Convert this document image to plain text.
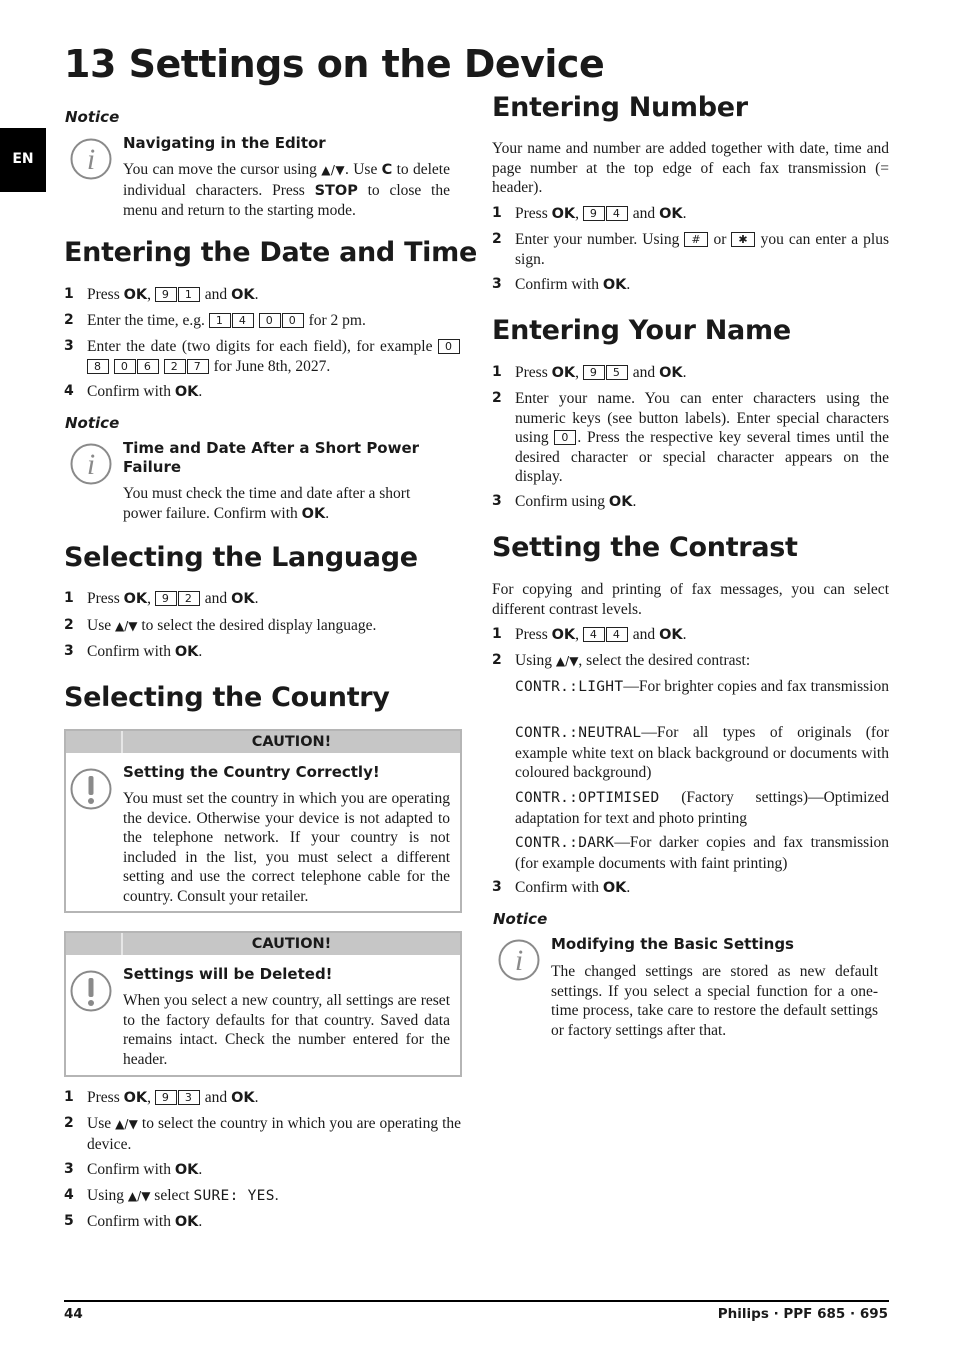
13 Settings on the Device
EN
Notice
i Navigating in the Editor
You can move the cursor using ▲/▼. Use C to delete individual characters. Press STOP to close the menu and return to the starting mode.
Entering the Date and Time
1 Press OK, 9 1 and OK.
2 Enter the time, e.g. 1 4 0 0 for 2 pm.
3 Enter the date (two digits for each field), for example 08 0 6 2 7 for June 8th, 2027.
4 Confirm with OK.
Notice
i Time and Date After a Short Power
Failure
You must check the time and date after a short power failure. Confirm with OK.
Selecting the Language
1 Press OK, 9 2 and OK.
2 Use ▲/▼ to select the desired display language.
3 Confirm with OK.
Selecting the Country
CAUTION!
Setting the Country Correctly!
You must set the country in which you are operating the device. Otherwise your device is not adapted to the telephone network. If your country is not included in the list, you must select a different setting and use the correct telephone cable for the country. Consult your retailer.
CAUTION!
Settings will be Deleted!
When you select a new country, all settings are reset to the factory defaults for that country. Saved data remains intact. Check the number entered for the header.
1 Press OK, 9 3 and OK.
2 Use ▲/▼ to select the country in which you are operating the device.
3 Confirm with OK.
4 Using ▲/▼ select SURE: YES.
5 Confirm with OK.
Entering Number
Your name and number are added together with date, time and page number at the top edge of each fax transmission (= header).
1 Press OK, 9 4 and OK.
2 Enter your number. Using # or ✱ you can enter a plus sign.
3 Confirm with OK.
Entering Your Name
1 Press OK, 9 5 and OK.
2 Enter your name. You can enter characters using the numeric keys (see button labels). Enter special characters using 0 . Press the respective key several times until the desired character or special character appears on the display.
3 Confirm using OK.
Setting the Contrast
For copying and printing of fax messages, you can select different contrast levels.
1 Press OK, 4 4 and OK.
2 Using ▲/▼, select the desired contrast:
CONTR.:LIGHT—For brighter copies and fax transmission
CONTR.:NEUTRAL—For all types of originals (for example white text on black background or documents with coloured background)
CONTR.:OPTIMISED (Factory settings)—Optimized adaptation for text and photo printing
CONTR.:DARK—For darker copies and fax transmission (for example documents with faint printing)
3 Confirm with OK.
Notice
i Modifying the Basic Settings
The changed settings are stored as new default settings. If you select a special function for a one-time process, take care to restore the default settings or factory settings after that.
44	Philips · PPF 685 · 695
